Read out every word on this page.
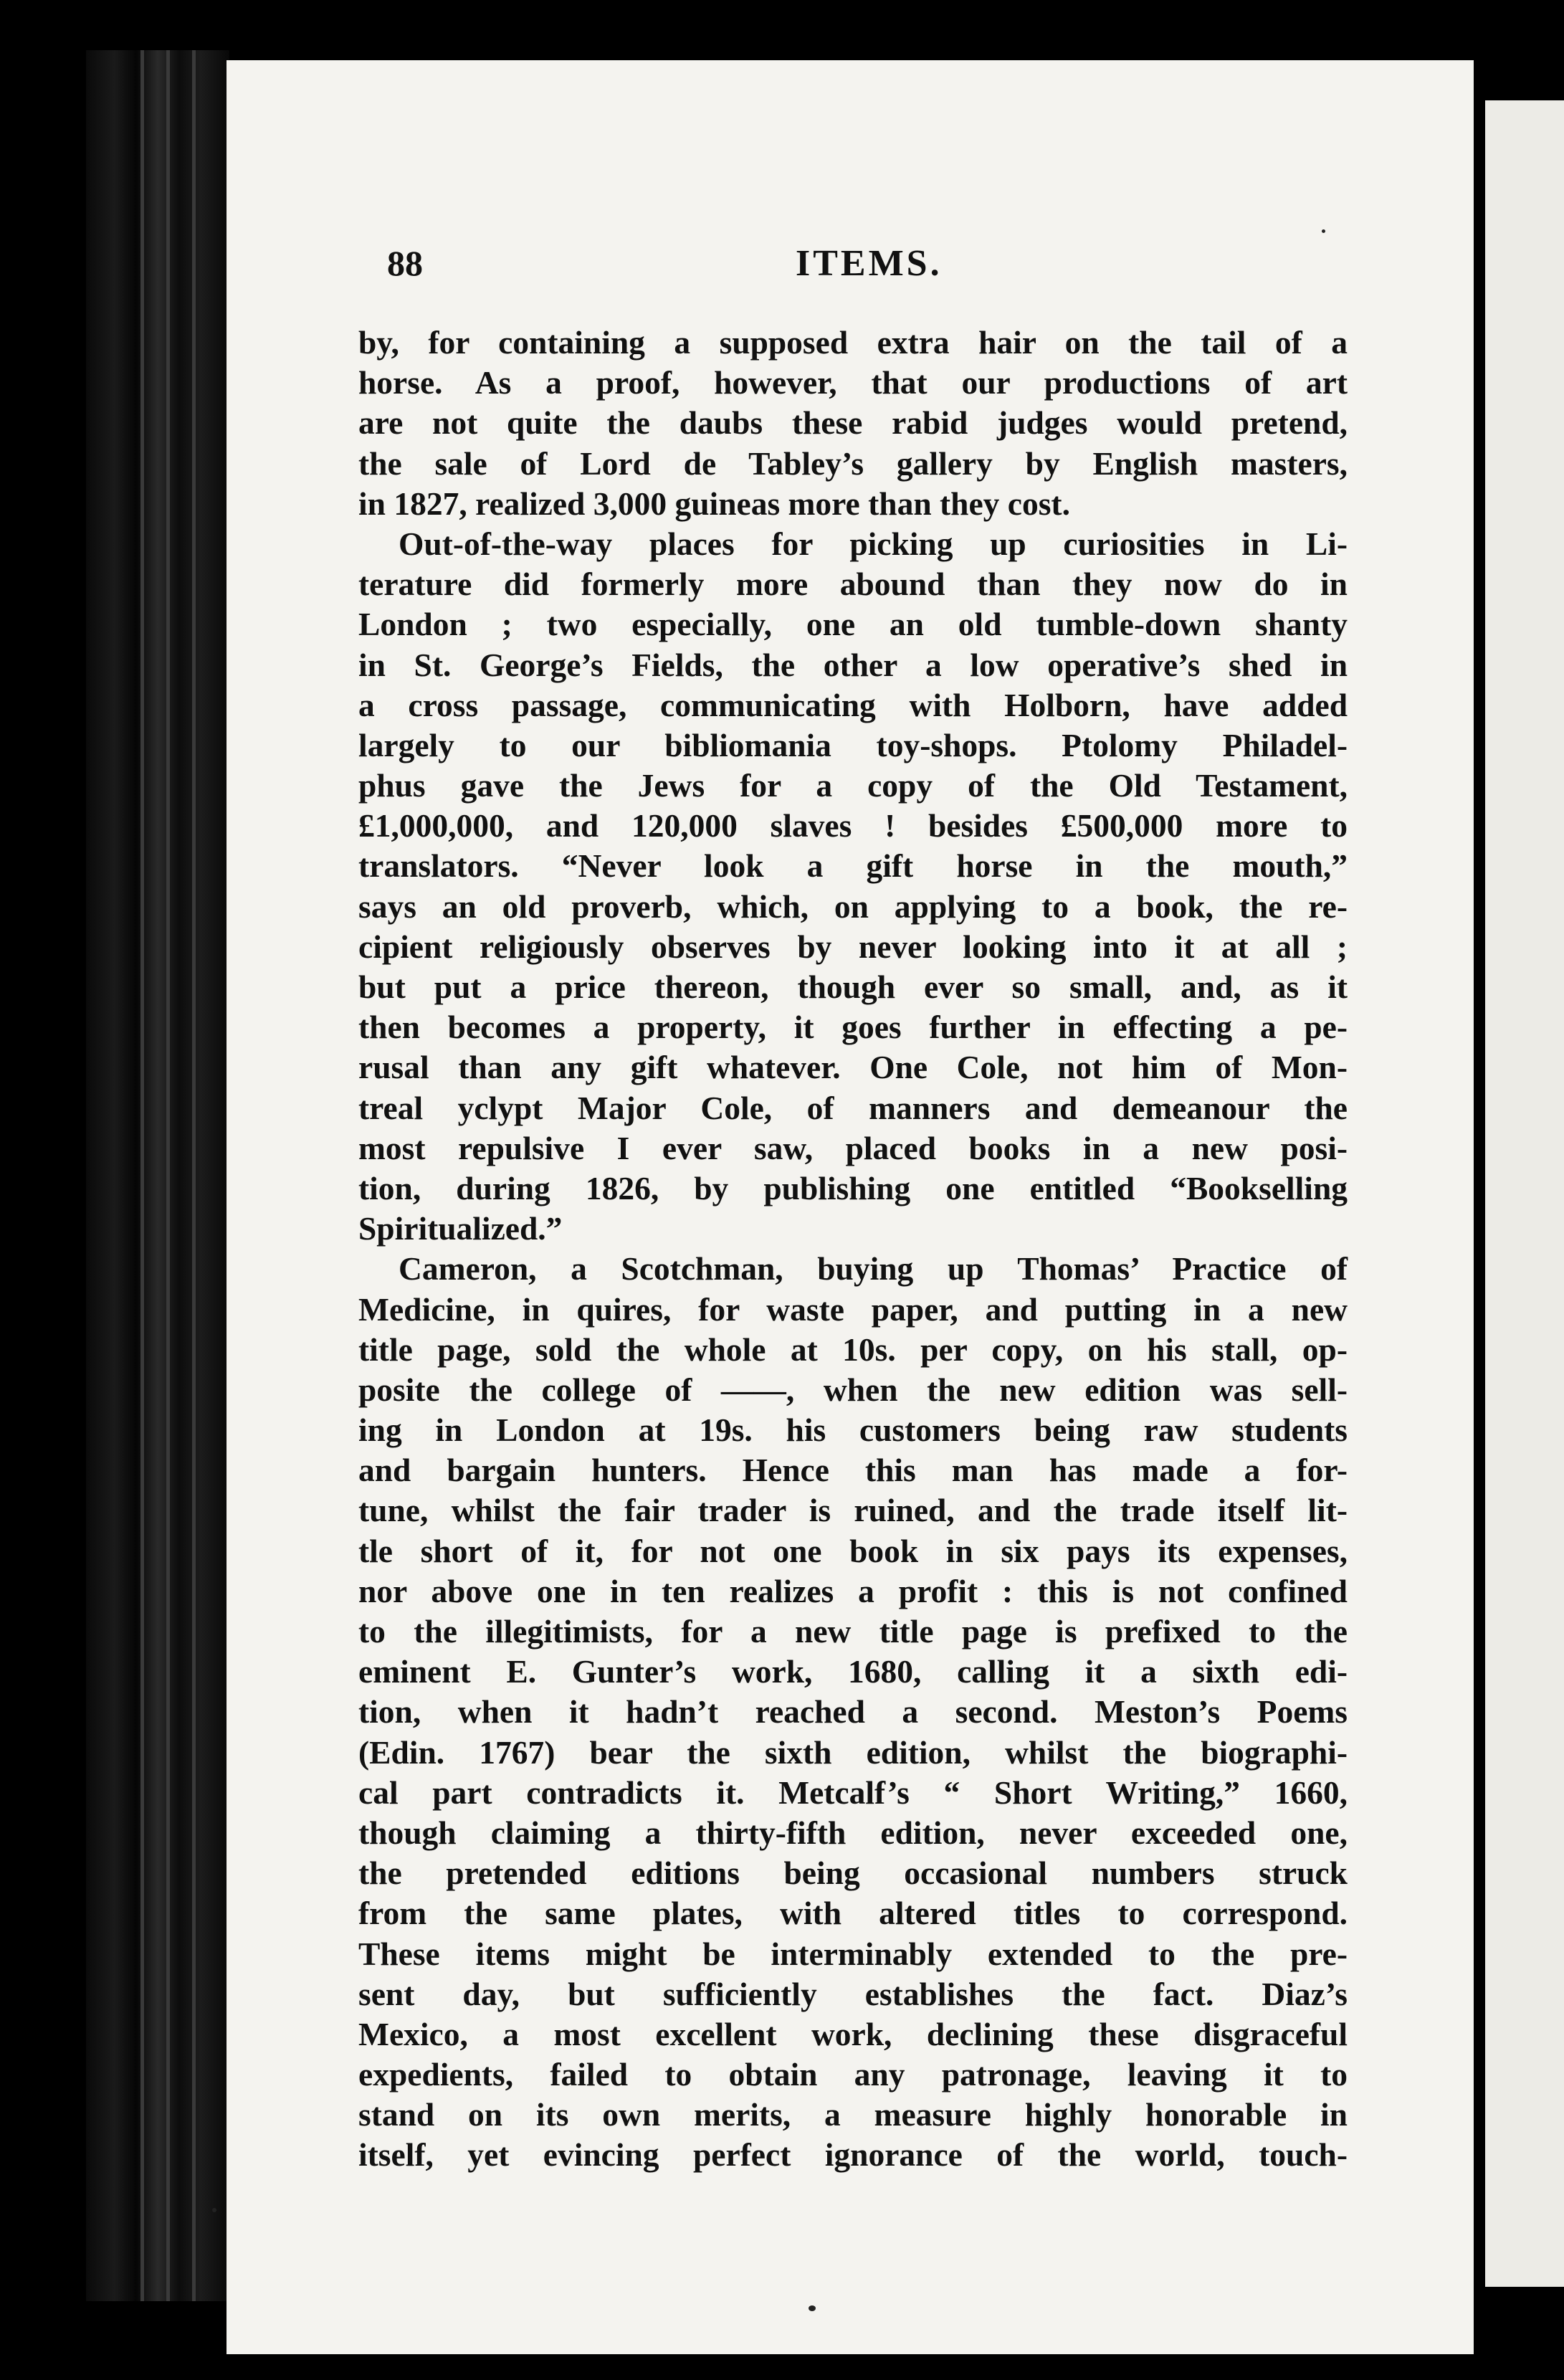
88	ITEMS.
by, for containing a supposed extra hair on the tail of a
horse. As a proof, however, that our productions of art
are not quite the daubs these rabid judges would pretend,
the sale of Lord de Tabley’s gallery by English masters,
in 1827, realized 3,000 guineas more than they cost.
Out-of-the-way places for picking up curiosities in Li-
terature did formerly more abound than they now do in
London ; two especially, one an old tumble-down shanty
in St. George’s Fields, the other a low operative’s shed in
a cross passage, communicating with Holborn, have added
largely to our bibliomania toy-shops. Ptolomy Philadel-
phus gave the Jews for a copy of the Old Testament,
£1,000,000, and 120,000 slaves ! besides £500,000 more to
translators. “Never look a gift horse in the mouth,”
says an old proverb, which, on applying to a book, the re-
cipient religiously observes by never looking into it at all ;
but put a price thereon, though ever so small, and, as it
then becomes a property, it goes further in effecting a pe-
rusal than any gift whatever. One Cole, not him of Mon-
treal yclypt Major Cole, of manners and demeanour the
most repulsive I ever saw, placed books in a new posi-
tion, during 1826, by publishing one entitled “Bookselling
Spiritualized.”
Cameron, a Scotchman, buying up Thomas’ Practice of
Medicine, in quires, for waste paper, and putting in a new
title page, sold the whole at 10s. per copy, on his stall, op-
posite the college of ——, when the new edition was sell-
ing in London at 19s. his customers being raw students
and bargain hunters. Hence this man has made a for-
tune, whilst the fair trader is ruined, and the trade itself lit-
tle short of it, for not one book in six pays its expenses,
nor above one in ten realizes a profit : this is not confined
to the illegitimists, for a new title page is prefixed to the
eminent E. Gunter’s work, 1680, calling it a sixth edi-
tion, when it hadn’t reached a second. Meston’s Poems
(Edin. 1767) bear the sixth edition, whilst the biographi-
cal part contradicts it. Metcalf’s “ Short Writing,” 1660,
though claiming a thirty-fifth edition, never exceeded one,
the pretended editions being occasional numbers struck
from the same plates, with altered titles to correspond.
These items might be interminably extended to the pre-
sent day, but sufficiently establishes the fact. Diaz’s
Mexico, a most excellent work, declining these disgraceful
expedients, failed to obtain any patronage, leaving it to
stand on its own merits, a measure highly honorable in
itself, yet evincing perfect ignorance of the world, touch-
